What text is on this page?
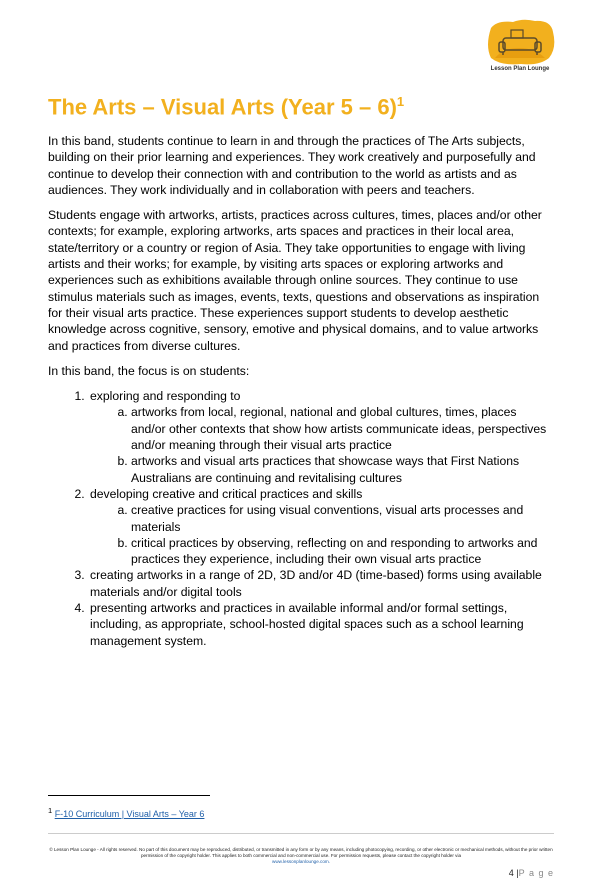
Lesson Plan Lounge
The Arts – Visual Arts (Year 5 – 6)$^1$

In this band, students continue to learn in and through the practices of The Arts subjects, building on their prior learning and experiences. They work creatively and purposefully and continue to develop their connection with and contribution to the world as artists and as audiences. They work individually and in collaboration with peers and teachers.

Students engage with artworks, artists, practices across cultures, times, places and/or other contexts; for example, exploring artworks, arts spaces and practices in their local area, state/territory or a country or region of Asia. They take opportunities to engage with living artists and their works; for example, by visiting arts spaces or exploring artworks and experiences such as exhibitions available through online sources. They continue to use stimulus materials such as images, events, texts, questions and observations as inspiration for their visual arts practice. These experiences support students to develop aesthetic knowledge across cognitive, sensory, emotive and physical domains, and to value artworks and practices from diverse cultures.

In this band, the focus is on students:

1. exploring and responding to
a. artworks from local, regional, national and global cultures, times, places and/or other contexts that show how artists communicate ideas, perspectives and/or meaning through their visual arts practice
b. artworks and visual arts practices that showcase ways that First Nations Australians are continuing and revitalising cultures
2. developing creative and critical practices and skills
a. creative practices for using visual conventions, visual arts processes and materials
b. critical practices by observing, reflecting on and responding to artworks and practices they experience, including their own visual arts practice
3. creating artworks in a range of 2D, 3D and/or 4D (time-based) forms using available materials and/or digital tools
4. presenting artworks and practices in available informal and/or formal settings, including, as appropriate, school-hosted digital spaces such as a school learning management system.
$^1$ F-10 Curriculum | Visual Arts – Year 6
© Lesson Plan Lounge - All rights reserved. No part of this document may be reproduced, distributed, or transmitted in any form or by any means, including photocopying, recording, or other electronic or mechanical methods, without the prior written permission of the copyright holder. This applies to both commercial and non-commercial use. For permission requests, please contact the copyright holder via
www.lessonplanlounge.com.
4 |P a g e
